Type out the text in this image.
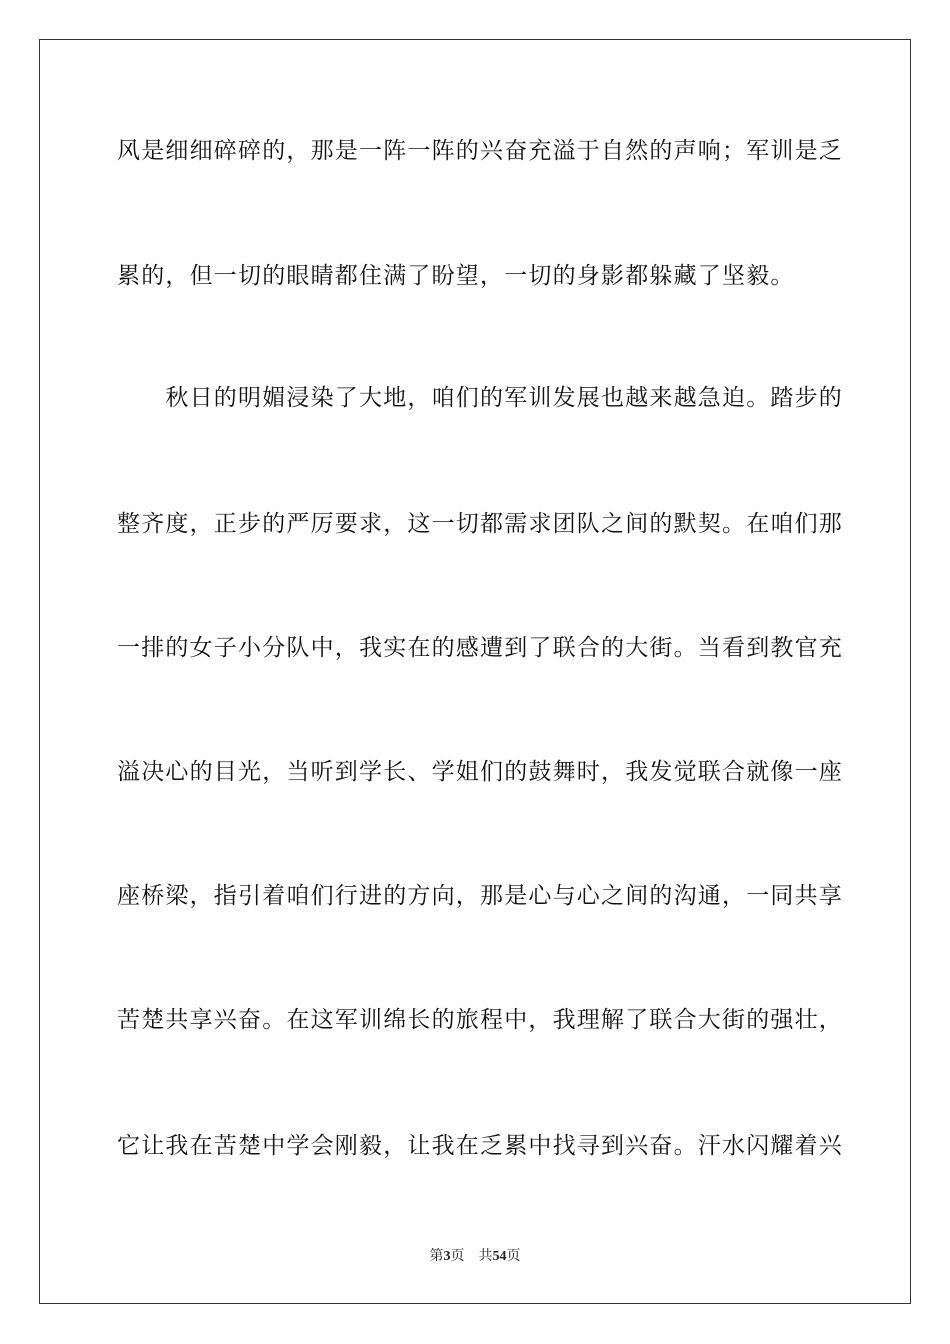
风是细细碎碎的，那是一阵一阵的兴奋充溢于自然的声响；军训是乏
累的，但一切的眼睛都住满了盼望，一切的身影都躲藏了坚毅。
　　秋日的明媚浸染了大地，咱们的军训发展也越来越急迫。踏步的
整齐度，正步的严厉要求，这一切都需求团队之间的默契。在咱们那
一排的女子小分队中，我实在的感遭到了联合的大街。当看到教官充
溢决心的目光，当听到学长、学姐们的鼓舞时，我发觉联合就像一座
座桥梁，指引着咱们行进的方向，那是心与心之间的沟通，一同共享
苦楚共享兴奋。在这军训绵长的旅程中，我理解了联合大街的强壮，
它让我在苦楚中学会刚毅，让我在乏累中找寻到兴奋。汗水闪耀着兴
第3页　共54页
